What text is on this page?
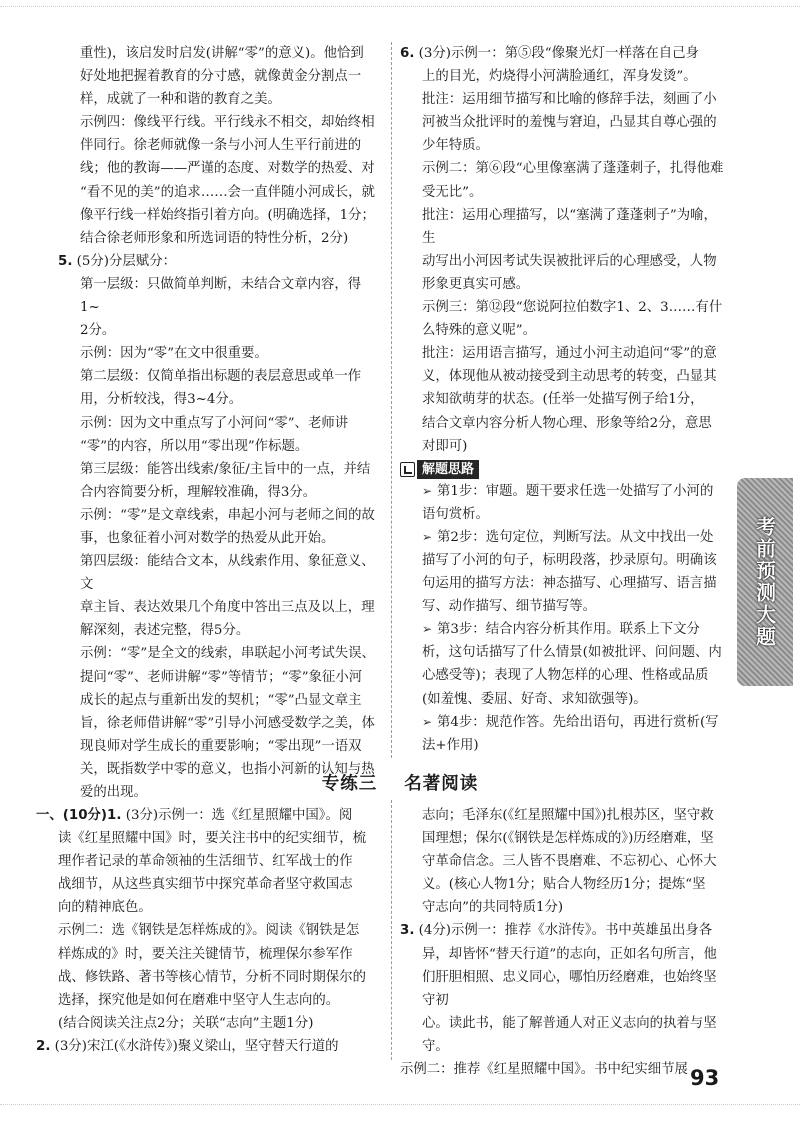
重性)，该启发时启发(讲解“零”的意义)。他恰到

好处地把握着教育的分寸感，就像黄金分割点一

样，成就了一种和谐的教育之美。

示例四：像线平行线。平行线永不相交，却始终相

伴同行。徐老师就像一条与小河人生平行前进的

线；他的教诲——严谨的态度、对数学的热爱、对

“看不见的美”的追求……会一直伴随小河成长，就

像平行线一样始终指引着方向。(明确选择，1分；

结合徐老师形象和所选词语的特性分析，2分)

5. (5分)分层赋分：

第一层级：只做简单判断，未结合文章内容，得1~

2分。

示例：因为“零”在文中很重要。

第二层级：仅简单指出标题的表层意思或单一作

用，分析较浅，得3~4分。

示例：因为文中重点写了小河问“零”、老师讲

“零”的内容，所以用“零出现”作标题。

第三层级：能答出线索/象征/主旨中的一点，并结

合内容简要分析，理解较准确，得3分。

示例：“零”是文章线索，串起小河与老师之间的故

事，也象征着小河对数学的热爱从此开始。

第四层级：能结合文本，从线索作用、象征意义、文

章主旨、表达效果几个角度中答出三点及以上，理

解深刻，表述完整，得5分。

示例：“零”是全文的线索，串联起小河考试失误、

提问“零”、老师讲解“零”等情节；“零”象征小河

成长的起点与重新出发的契机；“零”凸显文章主

旨，徐老师借讲解“零”引导小河感受数学之美，体

现良师对学生成长的重要影响；“零出现”一语双

关，既指数学中零的意义，也指小河新的认知与热

爱的出现。

6. (3分)示例一：第⑤段“像聚光灯一样落在自己身

上的目光，灼烧得小河满脸通红，浑身发烫”。

批注：运用细节描写和比喻的修辞手法，刻画了小

河被当众批评时的羞愧与窘迫，凸显其自尊心强的

少年特质。

示例二：第⑥段“心里像塞满了蓬蓬刺子，扎得他难

受无比”。

批注：运用心理描写，以“塞满了蓬蓬刺子”为喻，生

动写出小河因考试失误被批评后的心理感受，人物

形象更真实可感。

示例三：第⑫段“您说阿拉伯数字1、2、3……有什

么特殊的意义呢”。

批注：运用语言描写，通过小河主动追问“零”的意

义，体现他从被动接受到主动思考的转变，凸显其

求知欲萌芽的状态。(任举一处描写例子给1分，

结合文章内容分析人物心理、形象等给2分，意思

对即可)

解题思路

➢ 第1步：审题。题干要求任选一处描写了小河的

语句赏析。

➢ 第2步：选句定位，判断写法。从文中找出一处

描写了小河的句子，标明段落，抄录原句。明确该

句运用的描写方法：神态描写、心理描写、语言描

写、动作描写、细节描写等。

➢ 第3步：结合内容分析其作用。联系上下文分

析，这句话描写了什么情景(如被批评、问问题、内

心感受等)；表现了人物怎样的心理、性格或品质

(如羞愧、委屈、好奇、求知欲强等)。

➢ 第4步：规范作答。先给出语句，再进行赏析(写

法+作用)

考前预测大题
专练三 名著阅读

一、(10分)1. (3分)示例一：选《红星照耀中国》。阅

读《红星照耀中国》时，要关注书中的纪实细节，梳

理作者记录的革命领袖的生活细节、红军战士的作

战细节，从这些真实细节中探究革命者坚守救国志

向的精神底色。

示例二：选《钢铁是怎样炼成的》。阅读《钢铁是怎

样炼成的》时，要关注关键情节，梳理保尔参军作

战、修铁路、著书等核心情节，分析不同时期保尔的

选择，探究他是如何在磨难中坚守人生志向的。

(结合阅读关注点2分；关联“志向”主题1分)

2. (3分)宋江(《水浒传》)聚义梁山，坚守替天行道的

志向；毛泽东(《红星照耀中国》)扎根苏区，坚守救

国理想；保尔(《钢铁是怎样炼成的》)历经磨难，坚

守革命信念。三人皆不畏磨难、不忘初心、心怀大

义。(核心人物1分；贴合人物经历1分；提炼“坚

守志向”的共同特质1分)

3. (4分)示例一：推荐《水浒传》。书中英雄虽出身各

异，却皆怀“替天行道”的志向，正如名句所言，他

们肝胆相照、忠义同心，哪怕历经磨难，也始终坚守初

心。读此书，能了解普通人对正义志向的执着与坚守。

示例二：推荐《红星照耀中国》。书中纪实细节展 93
